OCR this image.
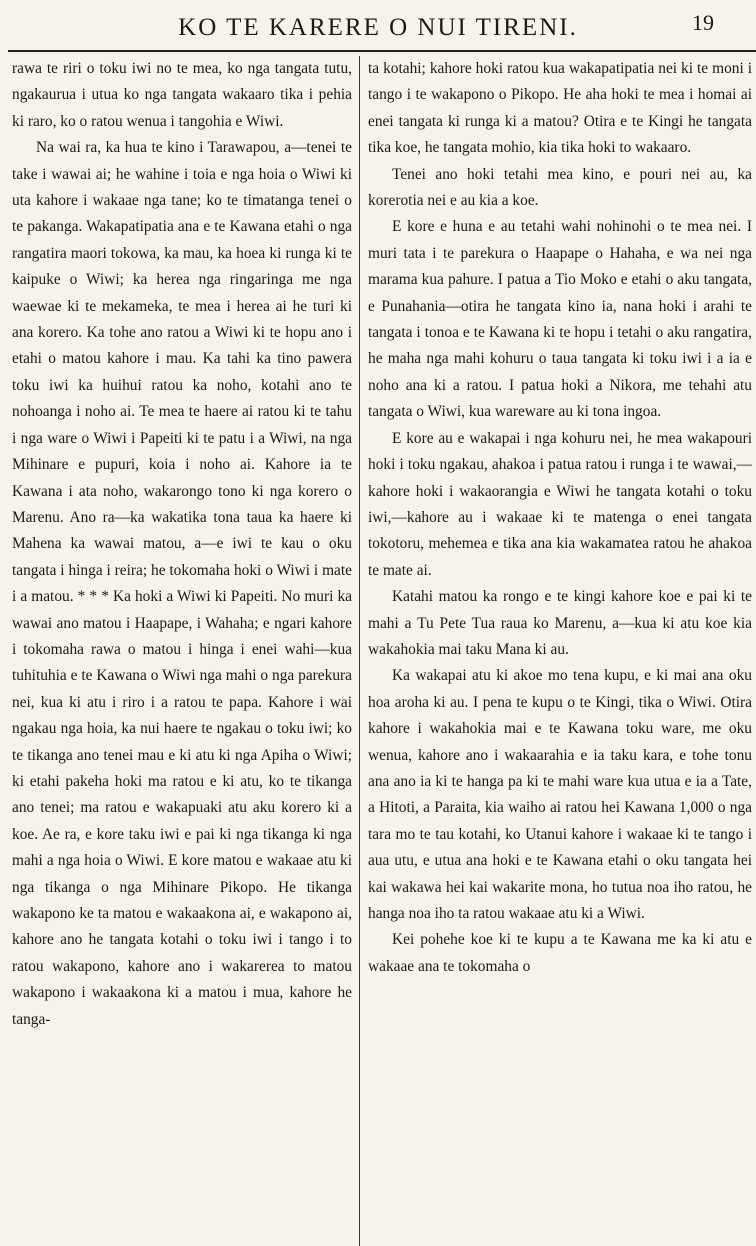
KO TE KARERE O NUI TIRENI.	19

rawa te riri o toku iwi no te mea, ko nga tangata tutu, ngakaurua i utua ko nga tangata wakaaro tika i pehia ki raro, ko o ratou wenua i tangohia e Wiwi.

Na wai ra, ka hua te kino i Tarawapou, a—tenei te take i wawai ai; he wahine i toia e nga hoia o Wiwi ki uta kahore i wakaae nga tane; ko te timatanga tenei o te pakanga. Wakapatipatia ana e te Kawana etahi o nga rangatira maori tokowa, ka mau, ka hoea ki runga ki te kaipuke o Wiwi; ka herea nga ringaringa me nga waewae ki te mekameka, te mea i herea ai he turi ki ana korero. Ka tohe ano ratou a Wiwi ki te hopu ano i etahi o matou kahore i mau. Ka tahi ka tino pawera toku iwi ka huihui ratou ka noho, kotahi ano te nohoanga i noho ai. Te mea te haere ai ratou ki te tahu i nga ware o Wiwi i Papeiti ki te patu i a Wiwi, na nga Mihinare e pupuri, koia i noho ai. Kahore ia te Kawana i ata noho, wakarongo tono ki nga korero o Marenu. Ano ra—ka wakatika tona taua ka haere ki Mahena ka wawai matou, a—e iwi te kau o oku tangata i hinga i reira; he tokomaha hoki o Wiwi i mate i a matou. * * * Ka hoki a Wiwi ki Papeiti. No muri ka wawai ano matou i Haapape, i Wahaha; e ngari kahore i tokomaha rawa o matou i hinga i enei wahi—kua tuhituhia e te Kawana o Wiwi nga mahi o nga parekura nei, kua ki atu i riro i a ratou te papa. Kahore i wai ngakau nga hoia, ka nui haere te ngakau o toku iwi; ko te tikanga ano tenei mau e ki atu ki nga Apiha o Wiwi; ki etahi pakeha hoki ma ratou e ki atu, ko te tikanga ano tenei; ma ratou e wakapuaki atu aku korero ki a koe. Ae ra, e kore taku iwi e pai ki nga tikanga ki nga mahi a nga hoia o Wiwi. E kore matou e wakaae atu ki nga tikanga o nga Mihinare Pikopo. He tikanga wakapono ke ta matou e wakaakona ai, e wakapono ai, kahore ano he tangata kotahi o toku iwi i tango i to ratou wakapono, kahore ano i wakarerea to matou wakapono i wakaakona ki a matou i mua, kahore he tanga-

ta kotahi; kahore hoki ratou kua wakapatipatia nei ki te moni i tango i te wakapono o Pikopo. He aha hoki te mea i homai ai enei tangata ki runga ki a matou? Otira e te Kingi he tangata tika koe, he tangata mohio, kia tika hoki to wakaaro.

Tenei ano hoki tetahi mea kino, e pouri nei au, ka korerotia nei e au kia a koe.

E kore e huna e au tetahi wahi nohinohi o te mea nei. I muri tata i te parekura o Haapape o Hahaha, e wa nei nga marama kua pahure. I patua a Tio Moko e etahi o aku tangata, e Punahania—otira he tangata kino ia, nana hoki i arahi te tangata i tonoa e te Kawana ki te hopu i tetahi o aku rangatira, he maha nga mahi kohuru o taua tangata ki toku iwi i a ia e noho ana ki a ratou. I patua hoki a Nikora, me tehahi atu tangata o Wiwi, kua wareware au ki tona ingoa.

E kore au e wakapai i nga kohuru nei, he mea wakapouri hoki i toku ngakau, ahakoa i patua ratou i runga i te wawai,—kahore hoki i wakaorangia e Wiwi he tangata kotahi o toku iwi,—kahore au i wakaae ki te matenga o enei tangata tokotoru, mehemea e tika ana kia wakamatea ratou he ahakoa te mate ai.

Katahi matou ka rongo e te kingi kahore koe e pai ki te mahi a Tu Pete Tua raua ko Marenu, a—kua ki atu koe kia wakahokia mai taku Mana ki au.

Ka wakapai atu ki akoe mo tena kupu, e ki mai ana oku hoa aroha ki au. I pena te kupu o te Kingi, tika o Wiwi. Otira kahore i wakahokia mai e te Kawana toku ware, me oku wenua, kahore ano i wakaarahia e ia taku kara, e tohe tonu ana ano ia ki te hanga pa ki te mahi ware kua utua e ia a Tate, a Hitoti, a Paraita, kia waiho ai ratou hei Kawana 1,000 o nga tara mo te tau kotahi, ko Utanui kahore i wakaae ki te tango i aua utu, e utua ana hoki e te Kawana etahi o oku tangata hei kai wakawa hei kai wakarite mona, ho tutua noa iho ratou, he hanga noa iho ta ratou wakaae atu ki a Wiwi.

Kei pohehe koe ki te kupu a te Kawana me ka ki atu e wakaae ana te tokomaha o
